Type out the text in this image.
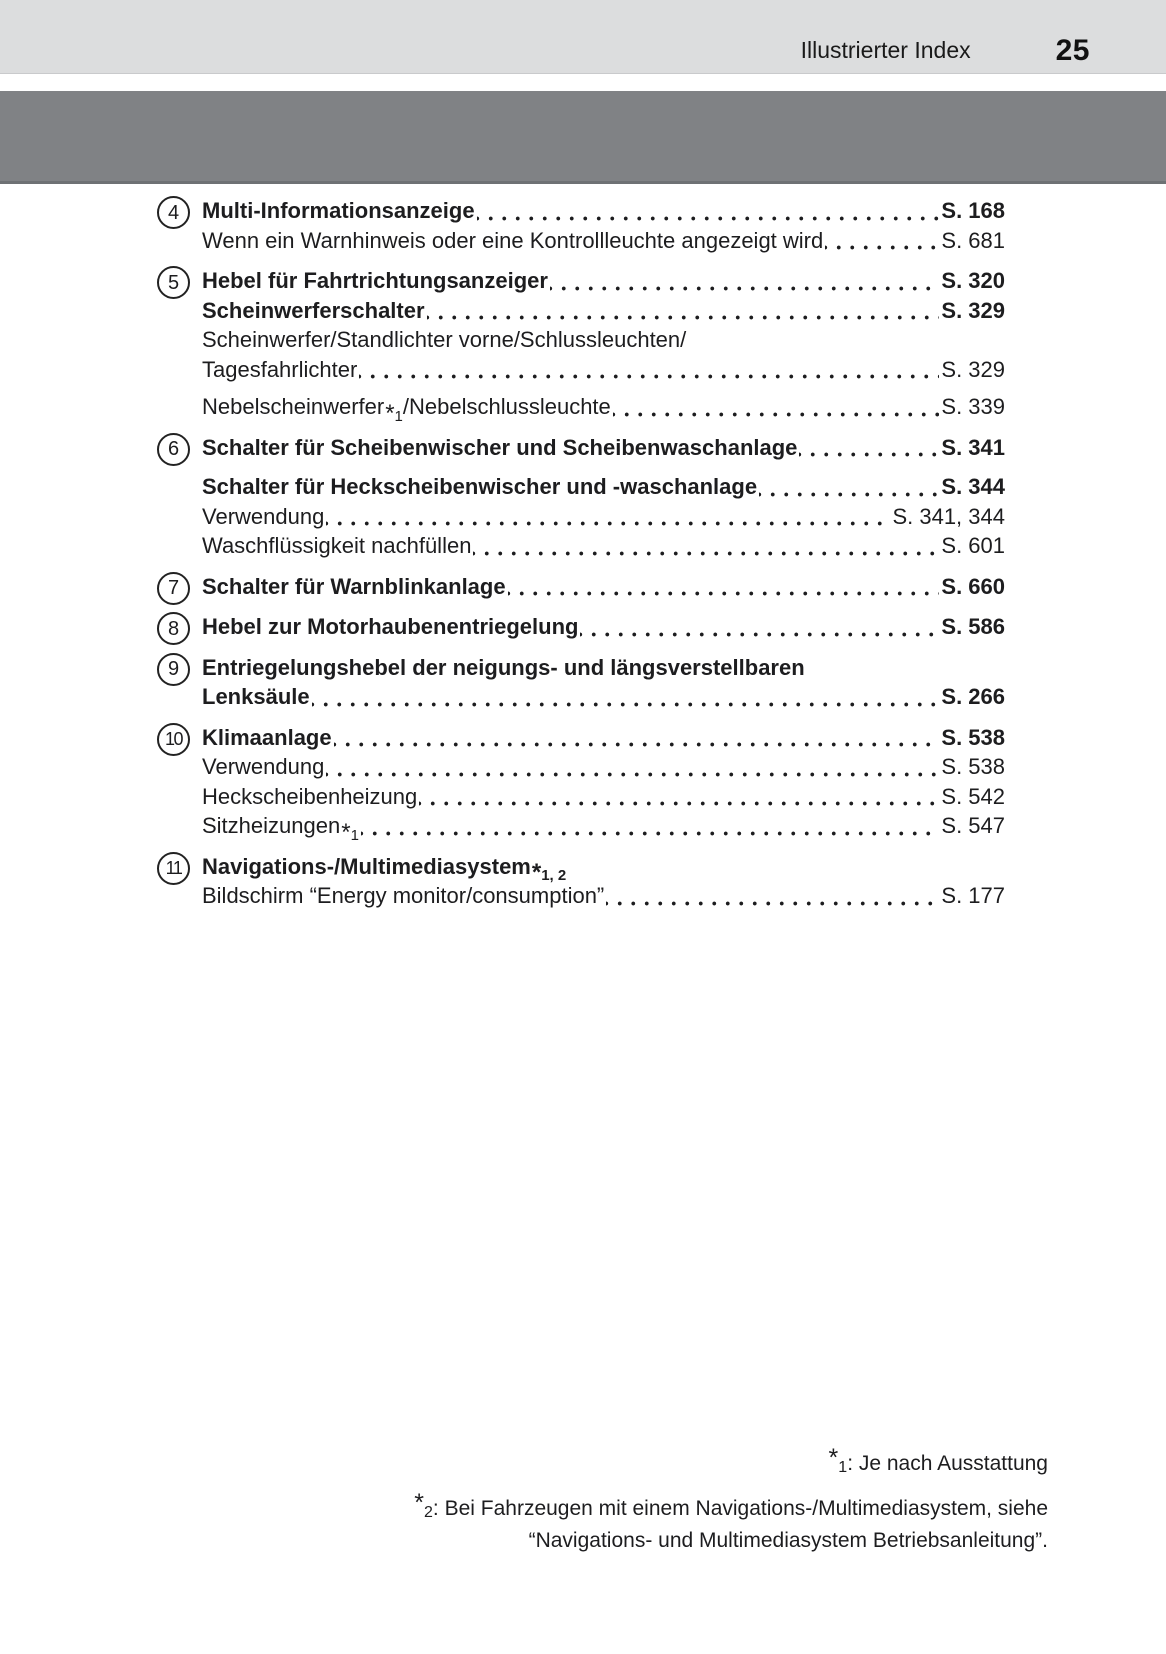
Illustrierter Index	25
4	Multi-Informationsanzeige	S. 168
Wenn ein Warnhinweis oder eine Kontrollleuchte angezeigt wird	S. 681
5	Hebel für Fahrtrichtungsanzeiger	S. 320
Scheinwerferschalter	S. 329
Scheinwerfer/Standlichter vorne/Schlussleuchten/
Tagesfahrlichter	S. 329
Nebelscheinwerfer * 1 /Nebelschlussleuchte	S. 339
6	Schalter für Scheibenwischer und Scheibenwaschanlage	S. 341
Schalter für Heckscheibenwischer und -waschanlage	S. 344
Verwendung	S. 341, 344
Waschflüssigkeit nachfüllen	S. 601
7	Schalter für Warnblinkanlage	S. 660
8	Hebel zur Motorhaubenentriegelung	S. 586
9	Entriegelungshebel der neigungs- und längsverstellbaren
Lenksäule	S. 266
10 Klimaanlage	S. 538
Verwendung	S. 538
Heckscheibenheizung	S. 542
Sitzheizungen * 1	S. 547
11 Navigations-/Multimediasystem * 1, 2
Bildschirm “Energy monitor/consumption”	S. 177
*1: Je nach Ausstattung
*2: Bei Fahrzeugen mit einem Navigations-/Multimediasystem, siehe
“Navigations- und Multimediasystem Betriebsanleitung”.
